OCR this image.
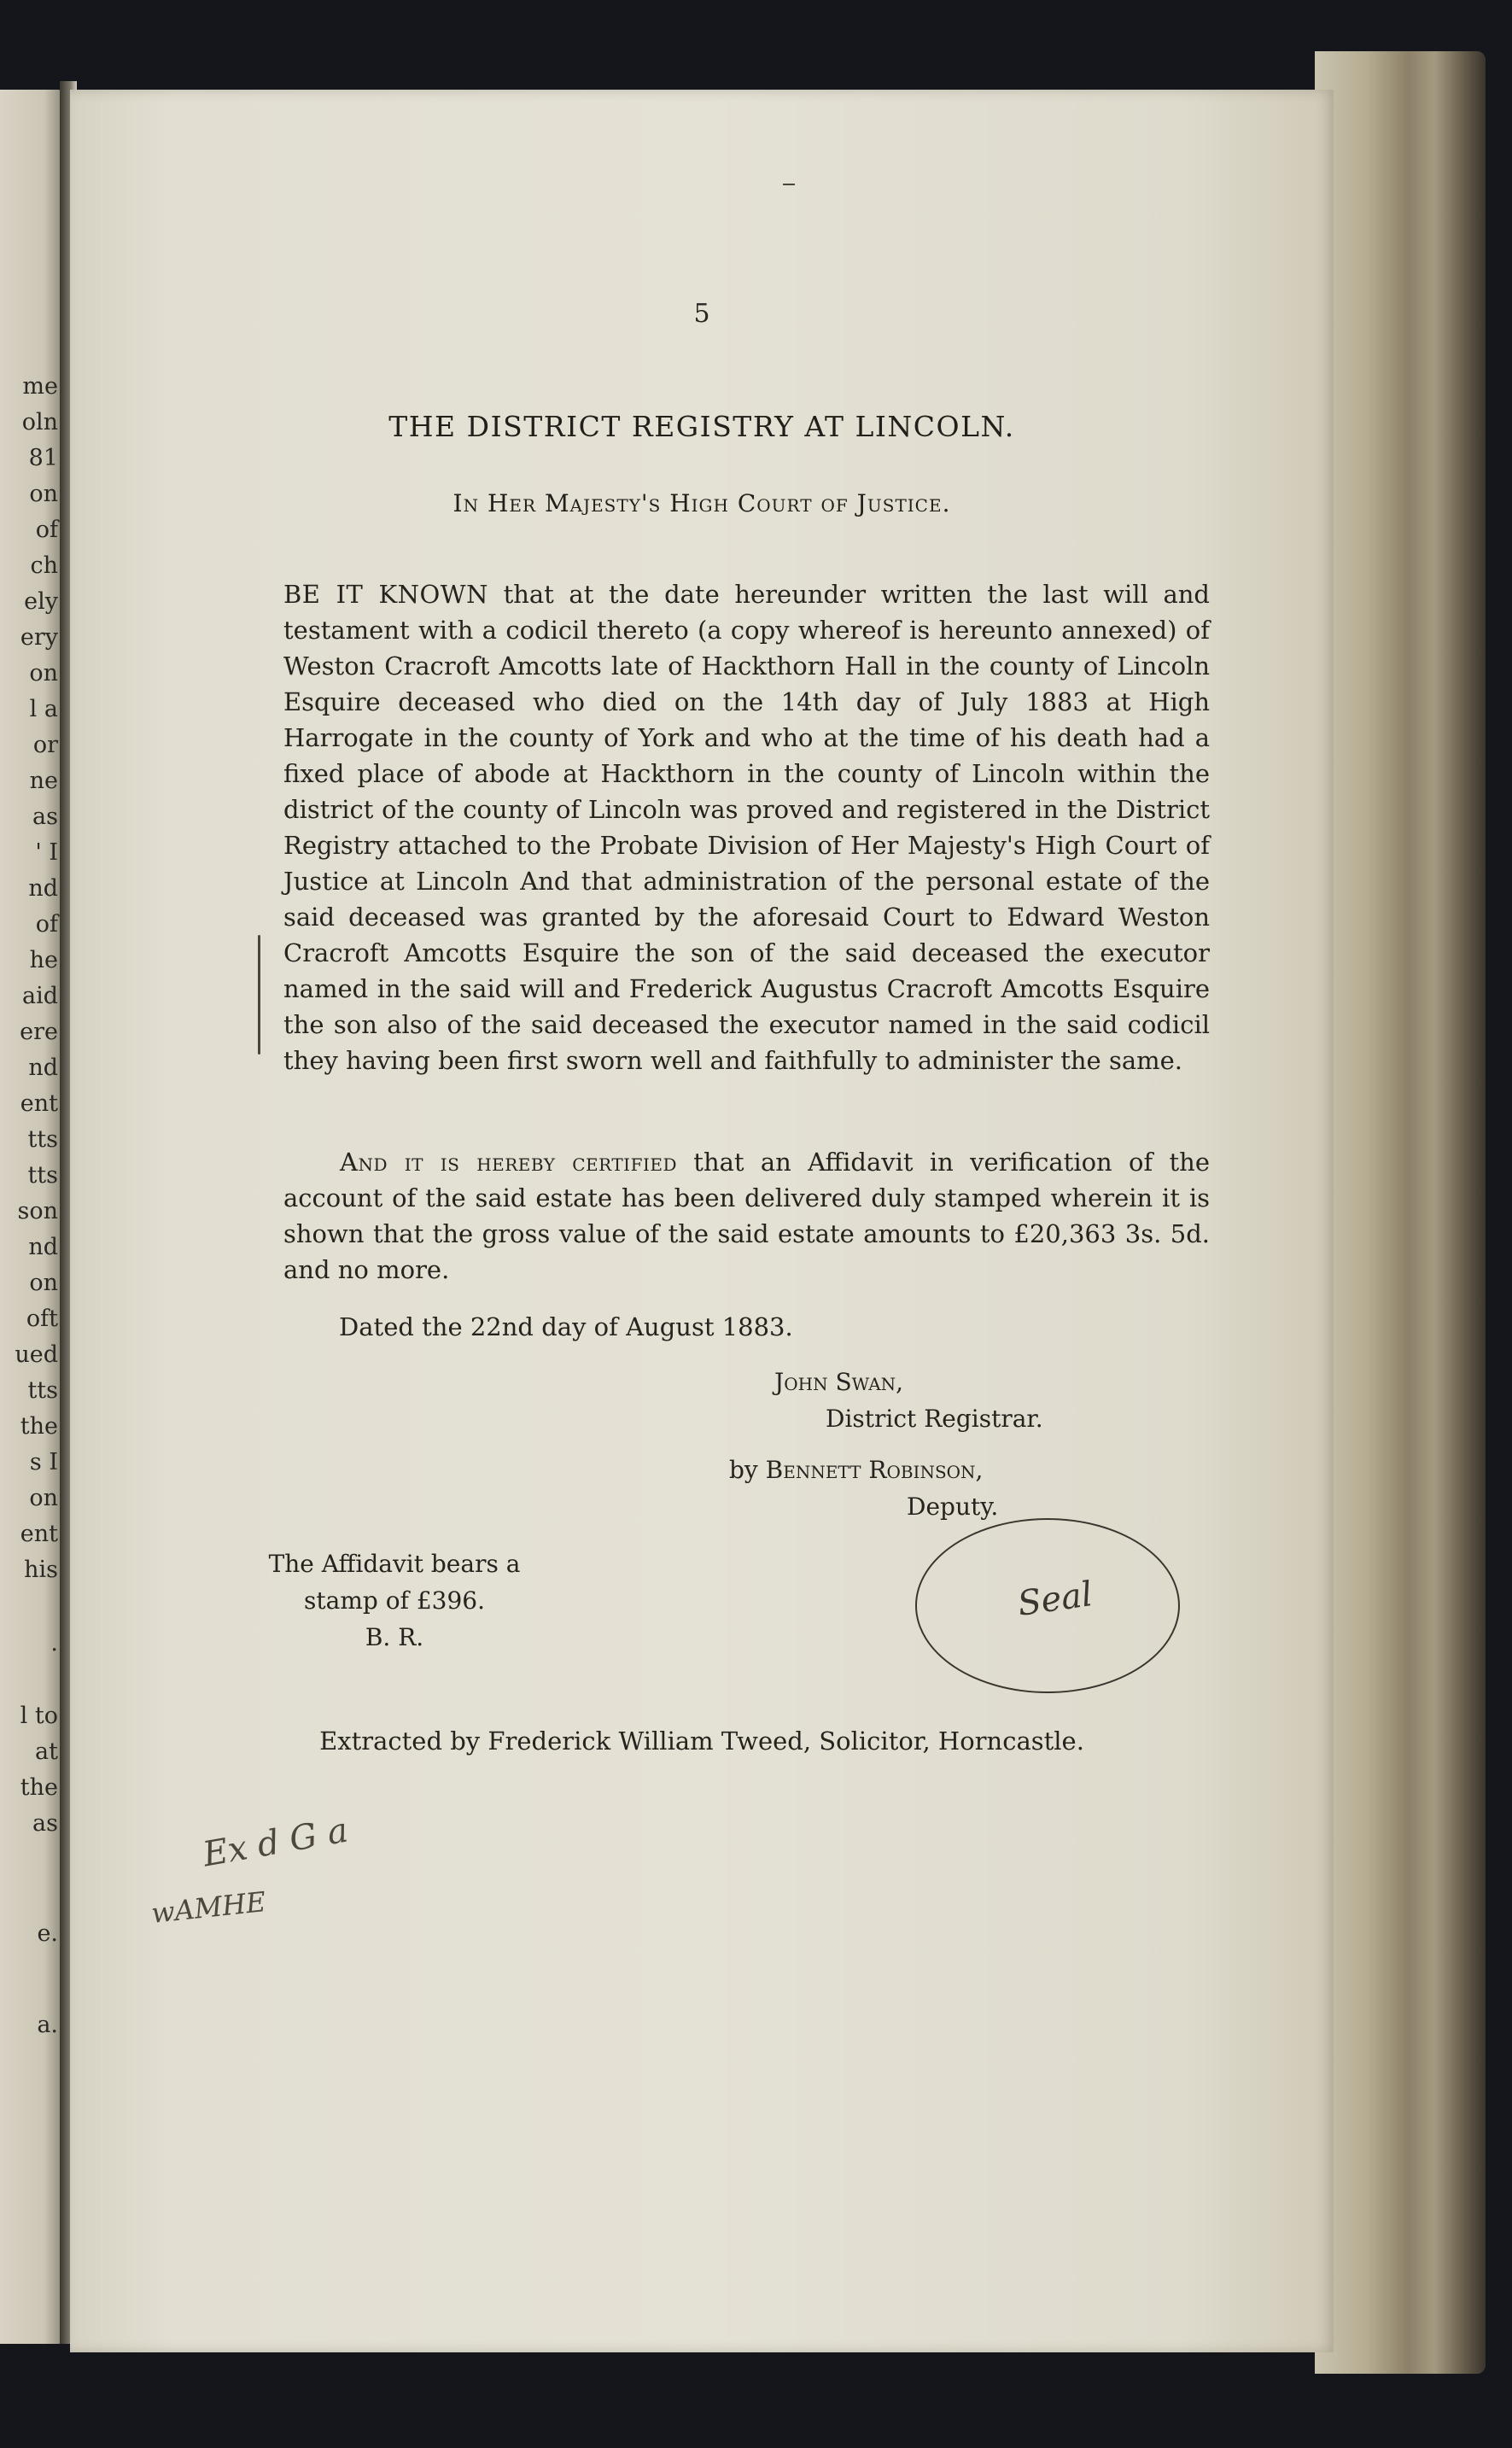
me
oln
81
on
of
ch
ely
ery
on
l a
or
ne
as
' I
nd
of
he
aid
ere
nd
ent
tts
tts
son
nd
on
oft
ued
tts
the
s I
on
ent
his
.
l to
at
the
as
e.
a.
5
THE DISTRICT REGISTRY AT LINCOLN.
In Her Majesty's High Court of Justice.
BE IT KNOWN that at the date hereunder written the last will and testament with a codicil thereto (a copy whereof is hereunto annexed) of Weston Cracroft Amcotts late of Hackthorn Hall in the county of Lincoln Esquire deceased who died on the 14th day of July 1883 at High Harrogate in the county of York and who at the time of his death had a fixed place of abode at Hackthorn in the county of Lincoln within the district of the county of Lincoln was proved and registered in the District Registry attached to the Probate Division of Her Majesty's High Court of Justice at Lincoln And that administration of the personal estate of the said deceased was granted by the aforesaid Court to Edward Weston Cracroft Amcotts Esquire the son of the said deceased the executor named in the said will and Frederick Augustus Cracroft Amcotts Esquire the son also of the said deceased the executor named in the said codicil they having been first sworn well and faithfully to administer the same.
And it is hereby certified that an Affidavit in verification of the account of the said estate has been delivered duly stamped wherein it is shown that the gross value of the said estate amounts to £20,363 3s. 5d. and no more.
Dated the 22nd day of August 1883.
John Swan,
District Registrar.
by Bennett Robinson,
Deputy.
Seal
The Affidavit bears a
stamp of £396.
B. R.
Extracted by Frederick William Tweed, Solicitor, Horncastle.
Ex d G a
wAMHE
